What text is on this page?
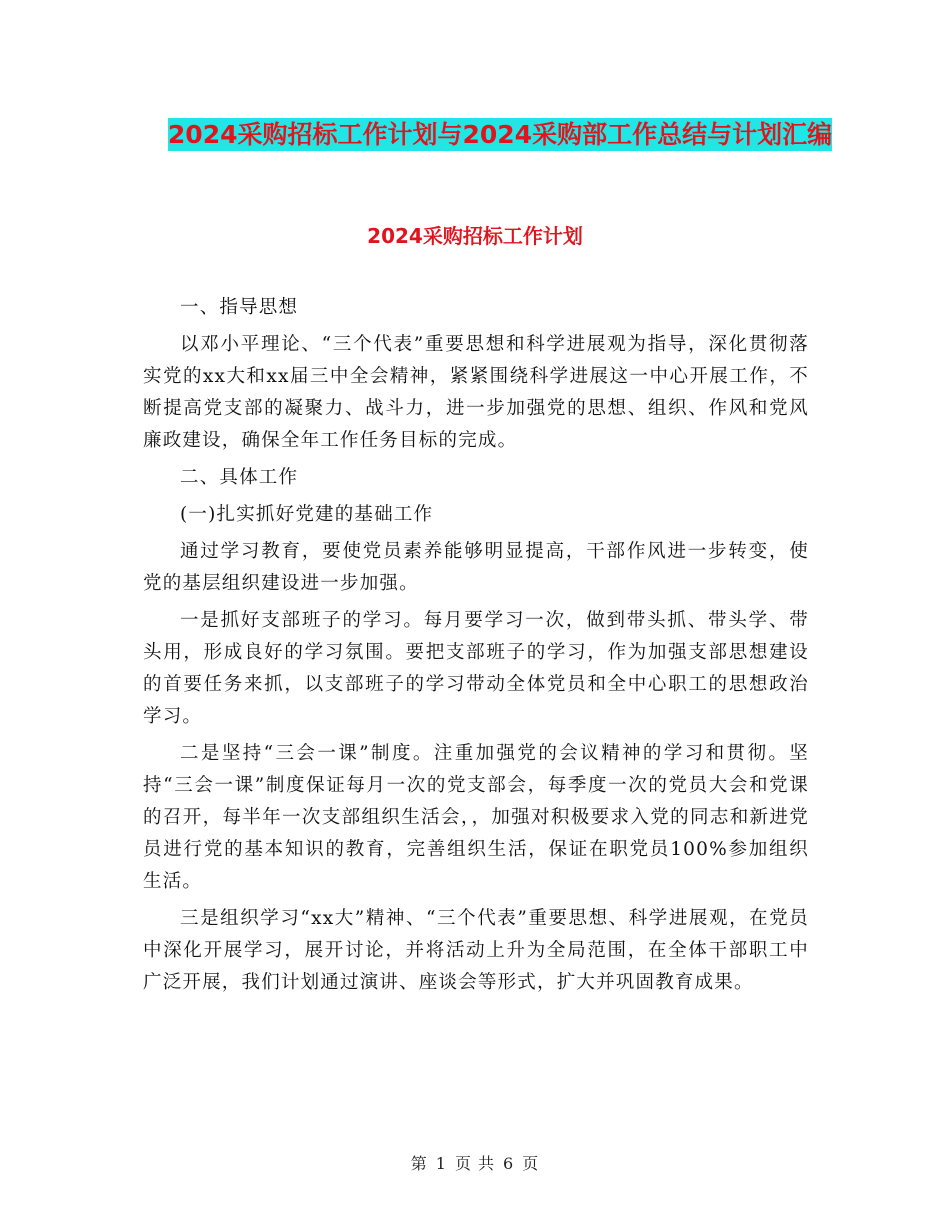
2024采购招标工作计划与2024采购部工作总结与计划汇编
2024采购招标工作计划

一、指导思想

以邓小平理论、“三个代表”重要思想和科学进展观为指导，深化贯彻落实党的xx大和xx届三中全会精神，紧紧围绕科学进展这一中心开展工作，不断提高党支部的凝聚力、战斗力，进一步加强党的思想、组织、作风和党风廉政建设，确保全年工作任务目标的完成。

二、具体工作

(一)扎实抓好党建的基础工作

通过学习教育，要使党员素养能够明显提高，干部作风进一步转变，使党的基层组织建设进一步加强。

一是抓好支部班子的学习。每月要学习一次，做到带头抓、带头学、带头用，形成良好的学习氛围。要把支部班子的学习，作为加强支部思想建设的首要任务来抓，以支部班子的学习带动全体党员和全中心职工的思想政治学习。

二是坚持“三会一课”制度。注重加强党的会议精神的学习和贯彻。坚持“三会一课”制度保证每月一次的党支部会，每季度一次的党员大会和党课的召开，每半年一次支部组织生活会，，加强对积极要求入党的同志和新进党员进行党的基本知识的教育，完善组织生活，保证在职党员100%参加组织生活。

三是组织学习“xx大”精神、“三个代表”重要思想、科学进展观，在党员中深化开展学习，展开讨论，并将活动上升为全局范围，在全体干部职工中广泛开展，我们计划通过演讲、座谈会等形式，扩大并巩固教育成果。

第 1 页 共 6 页
